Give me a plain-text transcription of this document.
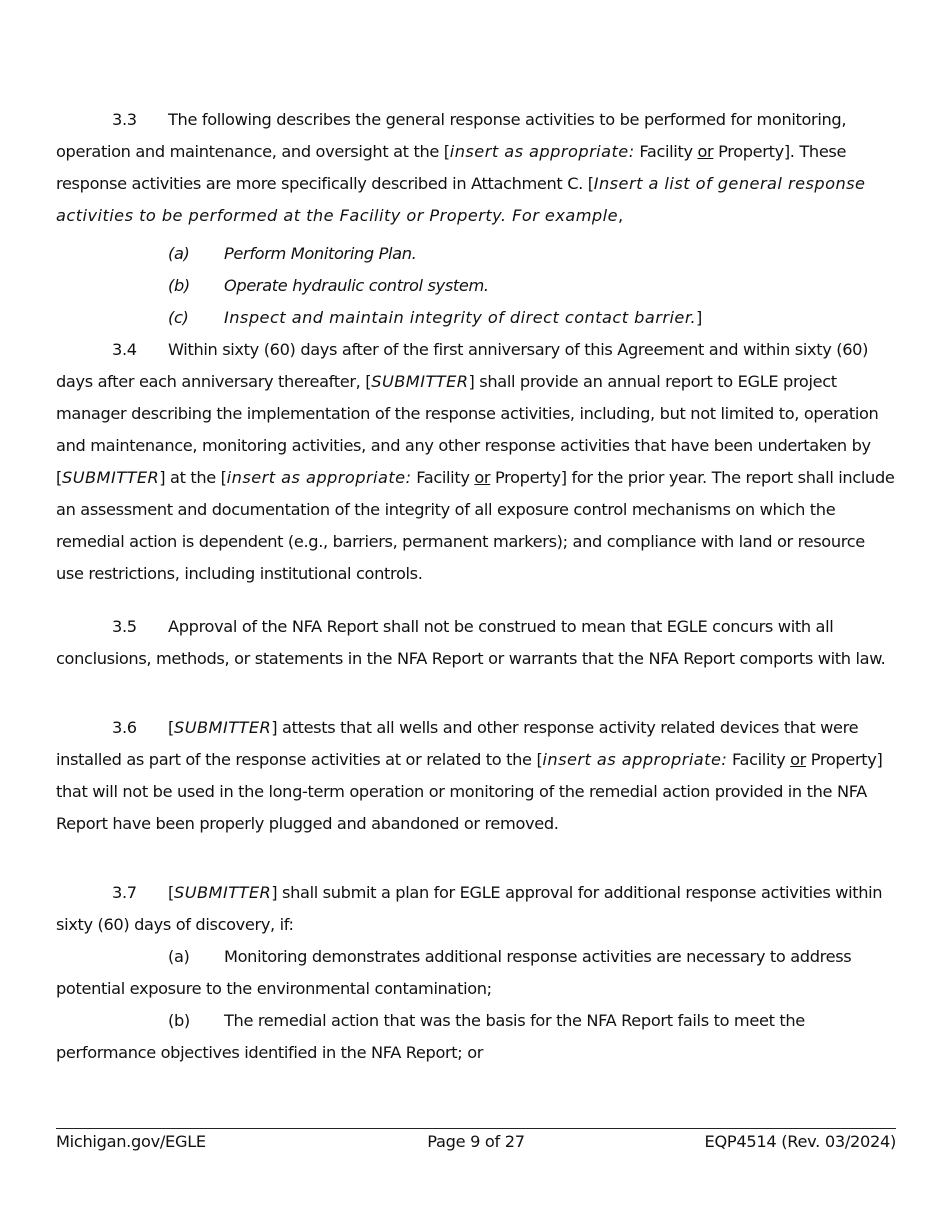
3.3 The following describes the general response activities to be performed for monitoring, operation and maintenance, and oversight at the [insert as appropriate: Facility or Property]. These response activities are more specifically described in Attachment C. [Insert a list of general response activities to be performed at the Facility or Property. For example,

(a) Perform Monitoring Plan.

(b) Operate hydraulic control system.

(c) Inspect and maintain integrity of direct contact barrier.]

3.4 Within sixty (60) days after of the first anniversary of this Agreement and within sixty (60) days after each anniversary thereafter, [SUBMITTER] shall provide an annual report to EGLE project manager describing the implementation of the response activities, including, but not limited to, operation and maintenance, monitoring activities, and any other response activities that have been undertaken by [SUBMITTER] at the [insert as appropriate: Facility or Property] for the prior year. The report shall include an assessment and documentation of the integrity of all exposure control mechanisms on which the remedial action is dependent (e.g., barriers, permanent markers); and compliance with land or resource use restrictions, including institutional controls.

3.5 Approval of the NFA Report shall not be construed to mean that EGLE concurs with all conclusions, methods, or statements in the NFA Report or warrants that the NFA Report comports with law.

3.6 [SUBMITTER] attests that all wells and other response activity related devices that were installed as part of the response activities at or related to the [insert as appropriate: Facility or Property] that will not be used in the long-term operation or monitoring of the remedial action provided in the NFA Report have been properly plugged and abandoned or removed.

3.7 [SUBMITTER] shall submit a plan for EGLE approval for additional response activities within sixty (60) days of discovery, if:

(a) Monitoring demonstrates additional response activities are necessary to address potential exposure to the environmental contamination;

(b) The remedial action that was the basis for the NFA Report fails to meet the performance objectives identified in the NFA Report; or

Michigan.gov/EGLE	Page 9 of 27	EQP4514 (Rev. 03/2024)
